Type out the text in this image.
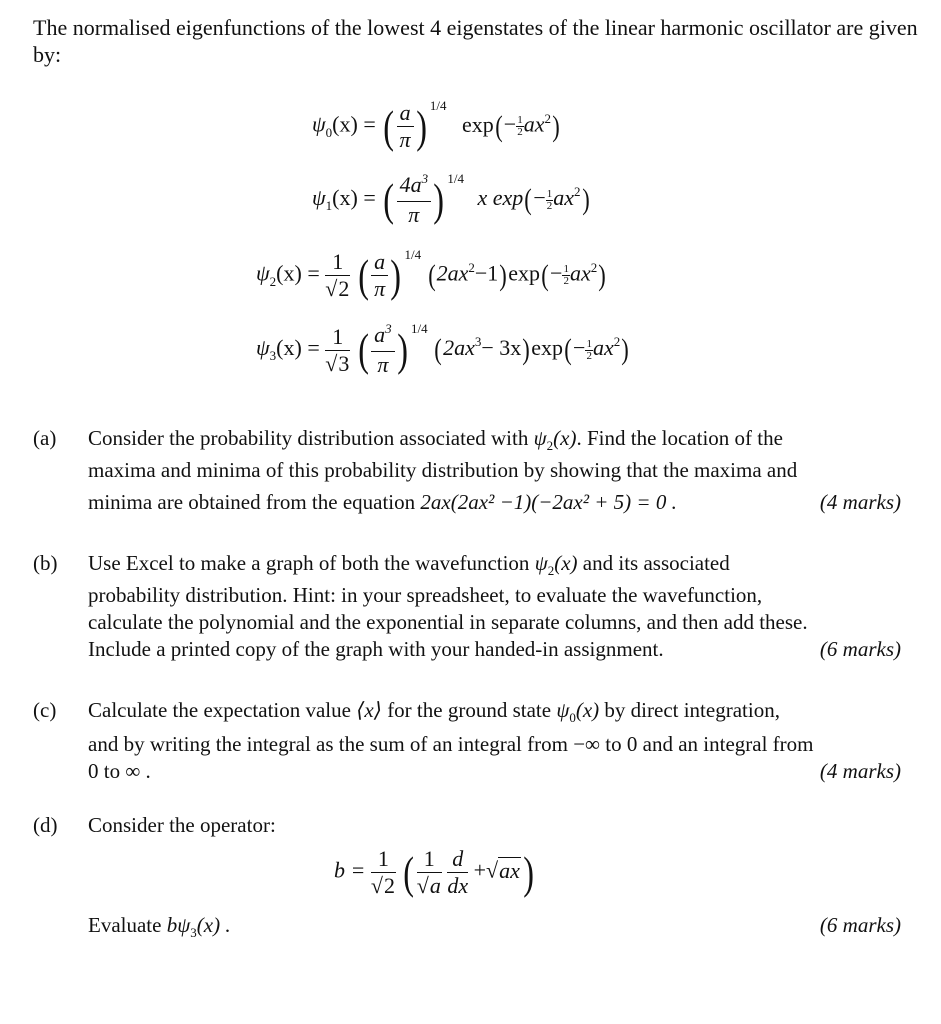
The normalised eigenfunctions of the lowest 4 eigenstates of the linear harmonic oscillator are given by:
$\psi_0(x)$ = ( $\frac{a}{\pi}$ ) $^{1/4}$ $\exp(- \frac{1}{2} ax^2)$
$\psi_1(x)$ = ( $\frac{4a^3}{\pi}$ ) $^{1/4}$ x $\exp(- \frac{1}{2} ax^2)$
$\psi_2(x) = \frac{1}{√2}$ ( $\frac{a}{\pi}$ ) $^{1/4}$ $(2ax^2-1)\exp(- \frac{1}{2} ax^2)$
$\psi_3(x) = \frac{1}{√3}$ ( $\frac{a^3}{\pi}$ ) $^{1/4}$ $(2ax^3- 3x)\exp(- \frac{1}{2} ax^2)$
(a)	Consider the probability distribution associated with $\psi_2(x)$. Find the location of the
maxima and minima of this probability distribution by showing that the maxima and
minima are obtained from the equation 2ax(2ax² −1)(−2ax² + 5) = 0 .	(4 marks)
(b)	Use Excel to make a graph of both the wavefunction $\psi_2(x)$ and its associated
probability distribution. Hint: in your spreadsheet, to evaluate the wavefunction,
calculate the polynomial and the exponential in separate columns, and then add these.
Include a printed copy of the graph with your handed-in assignment.	(6 marks)
(c)	Calculate the expectation value ⟨x⟩ for the ground state $\psi_0(x)$ by direct integration,
and by writing the integral as the sum of an integral from −∞ to 0 and an integral from
0 to ∞ .	(4 marks)
(d)	Consider the operator:
$b = \frac{1}{√2}$ ( $\frac{1}{√a}$
$\frac{d}{dx} +√ax$)
Evaluate $b\psi_3(x)$ .	(6 marks)
